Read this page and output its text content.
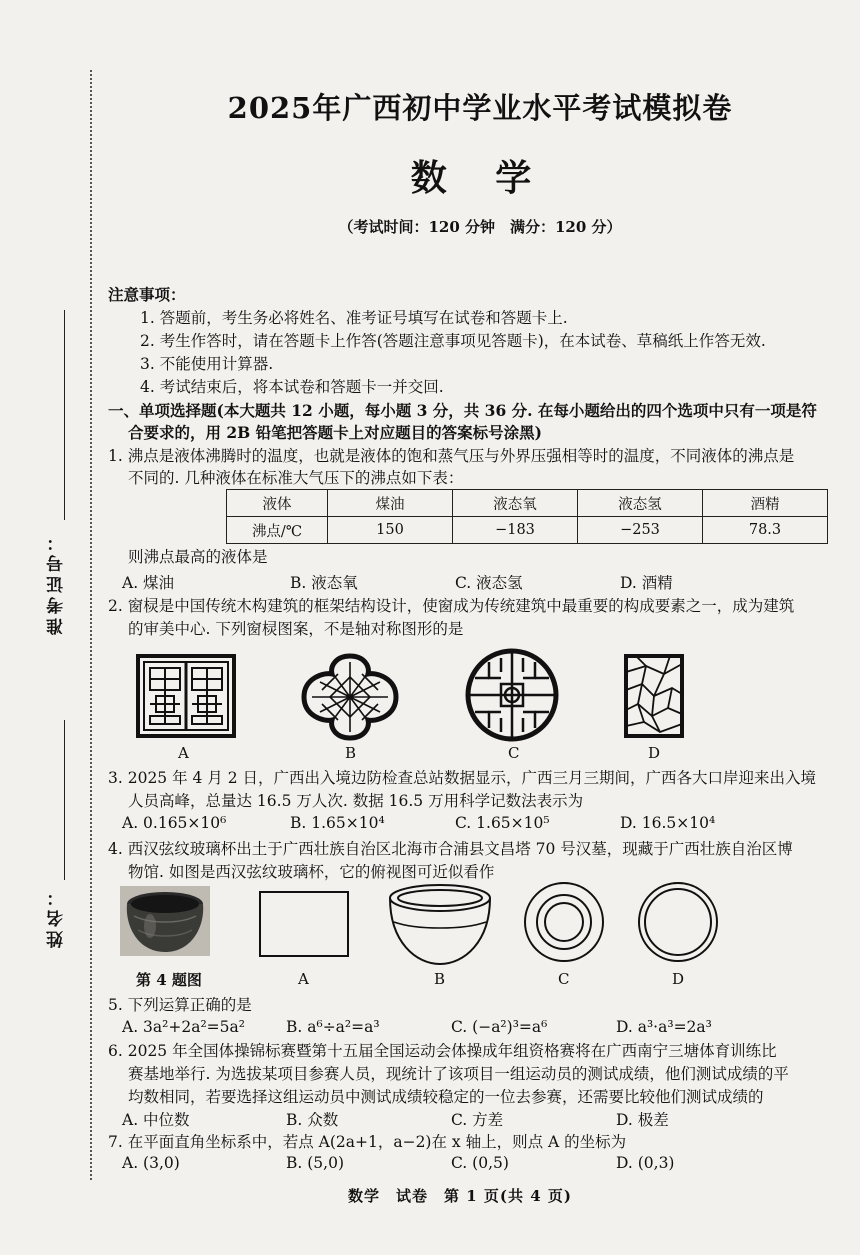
准考证号：
姓名：
2025年广西初中学业水平考试模拟卷
数 学
（考试时间：120 分钟　满分：120 分）
注意事项：
1. 答题前，考生务必将姓名、准考证号填写在试卷和答题卡上.
2. 考生作答时，请在答题卡上作答(答题注意事项见答题卡)，在本试卷、草稿纸上作答无效.
3. 不能使用计算器.
4. 考试结束后，将本试卷和答题卡一并交回.
一、单项选择题(本大题共 12 小题，每小题 3 分，共 36 分. 在每小题给出的四个选项中只有一项是符
合要求的，用 2B 铅笔把答题卡上对应题目的答案标号涂黑)
1. 沸点是液体沸腾时的温度，也就是液体的饱和蒸气压与外界压强相等时的温度，不同液体的沸点是
不同的. 几种液体在标准大气压下的沸点如下表：
液体	煤油	液态氧	液态氢	酒精
沸点/℃	150	−183	−253	78.3
则沸点最高的液体是
A. 煤油	B. 液态氧	C. 液态氢	D. 酒精
2. 窗棂是中国传统木构建筑的框架结构设计，使窗成为传统建筑中最重要的构成要素之一，成为建筑
的审美中心. 下列窗棂图案，不是轴对称图形的是
A	B	C	D
3. 2025 年 4 月 2 日，广西出入境边防检查总站数据显示，广西三月三期间，广西各大口岸迎来出入境
人员高峰，总量达 16.5 万人次. 数据 16.5 万用科学记数法表示为
A. 0.165×10⁶	B. 1.65×10⁴	C. 1.65×10⁵	D. 16.5×10⁴
4. 西汉弦纹玻璃杯出土于广西壮族自治区北海市合浦县文昌塔 70 号汉墓，现藏于广西壮族自治区博
物馆. 如图是西汉弦纹玻璃杯，它的俯视图可近似看作
第 4 题图	A	B	C	D
5. 下列运算正确的是
A. 3a²+2a²=5a²	B. a⁶÷a²=a³	C. (−a²)³=a⁶	D. a³·a³=2a³
6. 2025 年全国体操锦标赛暨第十五届全国运动会体操成年组资格赛将在广西南宁三塘体育训练比
赛基地举行. 为选拔某项目参赛人员，现统计了该项目一组运动员的测试成绩，他们测试成绩的平
均数相同，若要选择这组运动员中测试成绩较稳定的一位去参赛，还需要比较他们测试成绩的
A. 中位数	B. 众数	C. 方差	D. 极差
7. 在平面直角坐标系中，若点 A(2a+1，a−2)在 x 轴上，则点 A 的坐标为
A. (3,0)	B. (5,0)	C. (0,5)	D. (0,3)
数学　试卷　第 1 页(共 4 页)
